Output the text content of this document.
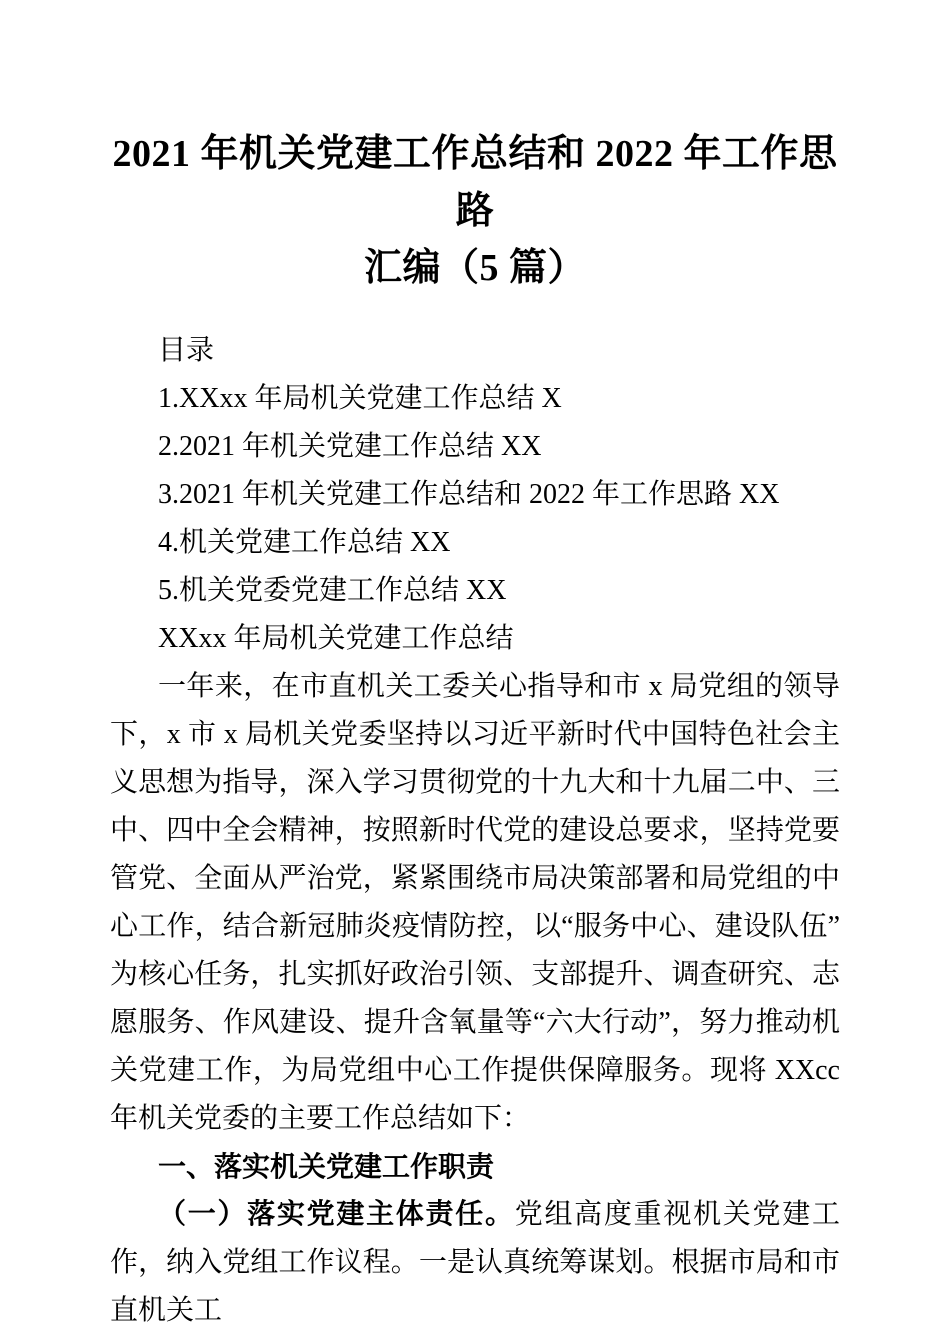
2021 年机关党建工作总结和 2022 年工作思路
汇编（5 篇）
目录
1.XXxx 年局机关党建工作总结 X
2.2021 年机关党建工作总结 XX
3.2021 年机关党建工作总结和 2022 年工作思路 XX
4.机关党建工作总结 XX
5.机关党委党建工作总结 XX
XXxx 年局机关党建工作总结

一年来，在市直机关工委关心指导和市 x 局党组的领导下，x 市 x 局机关党委坚持以习近平新时代中国特色社会主义思想为指导，深入学习贯彻党的十九大和十九届二中、三中、四中全会精神，按照新时代党的建设总要求，坚持党要管党、全面从严治党，紧紧围绕市局决策部署和局党组的中心工作，结合新冠肺炎疫情防控，以“服务中心、建设队伍”为核心任务，扎实抓好政治引领、支部提升、调查研究、志愿服务、作风建设、提升含氧量等“六大行动”，努力推动机关党建工作，为局党组中心工作提供保障服务。现将 XXcc 年机关党委的主要工作总结如下：

一、落实机关党建工作职责

（一）落实党建主体责任。党组高度重视机关党建工作，纳入党组工作议程。一是认真统筹谋划。根据市局和市直机关工
